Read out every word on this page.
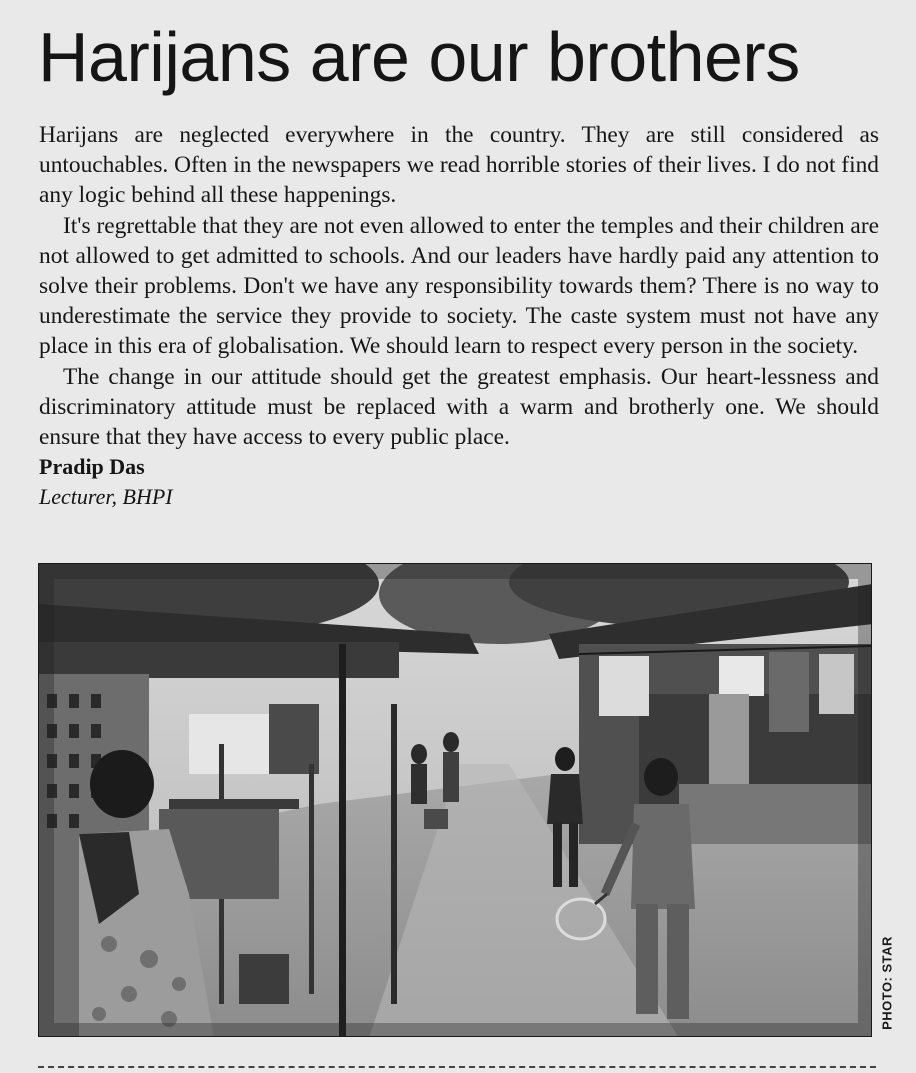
Harijans are our brothers

Harijans are neglected everywhere in the country. They are still considered as untouchables. Often in the newspapers we read horrible stories of their lives. I do not find any logic behind all these happenings.

It's regrettable that they are not even allowed to enter the temples and their children are not allowed to get admitted to schools. And our leaders have hardly paid any attention to solve their problems. Don't we have any responsibility towards them? There is no way to underestimate the service they provide to society. The caste system must not have any place in this era of globalisation. We should learn to respect every person in the society.

The change in our attitude should get the greatest emphasis. Our heart-lessness and discriminatory attitude must be replaced with a warm and brotherly one. We should ensure that they have access to every public place.

Pradip Das

Lecturer, BHPI

PHOTO: STAR
